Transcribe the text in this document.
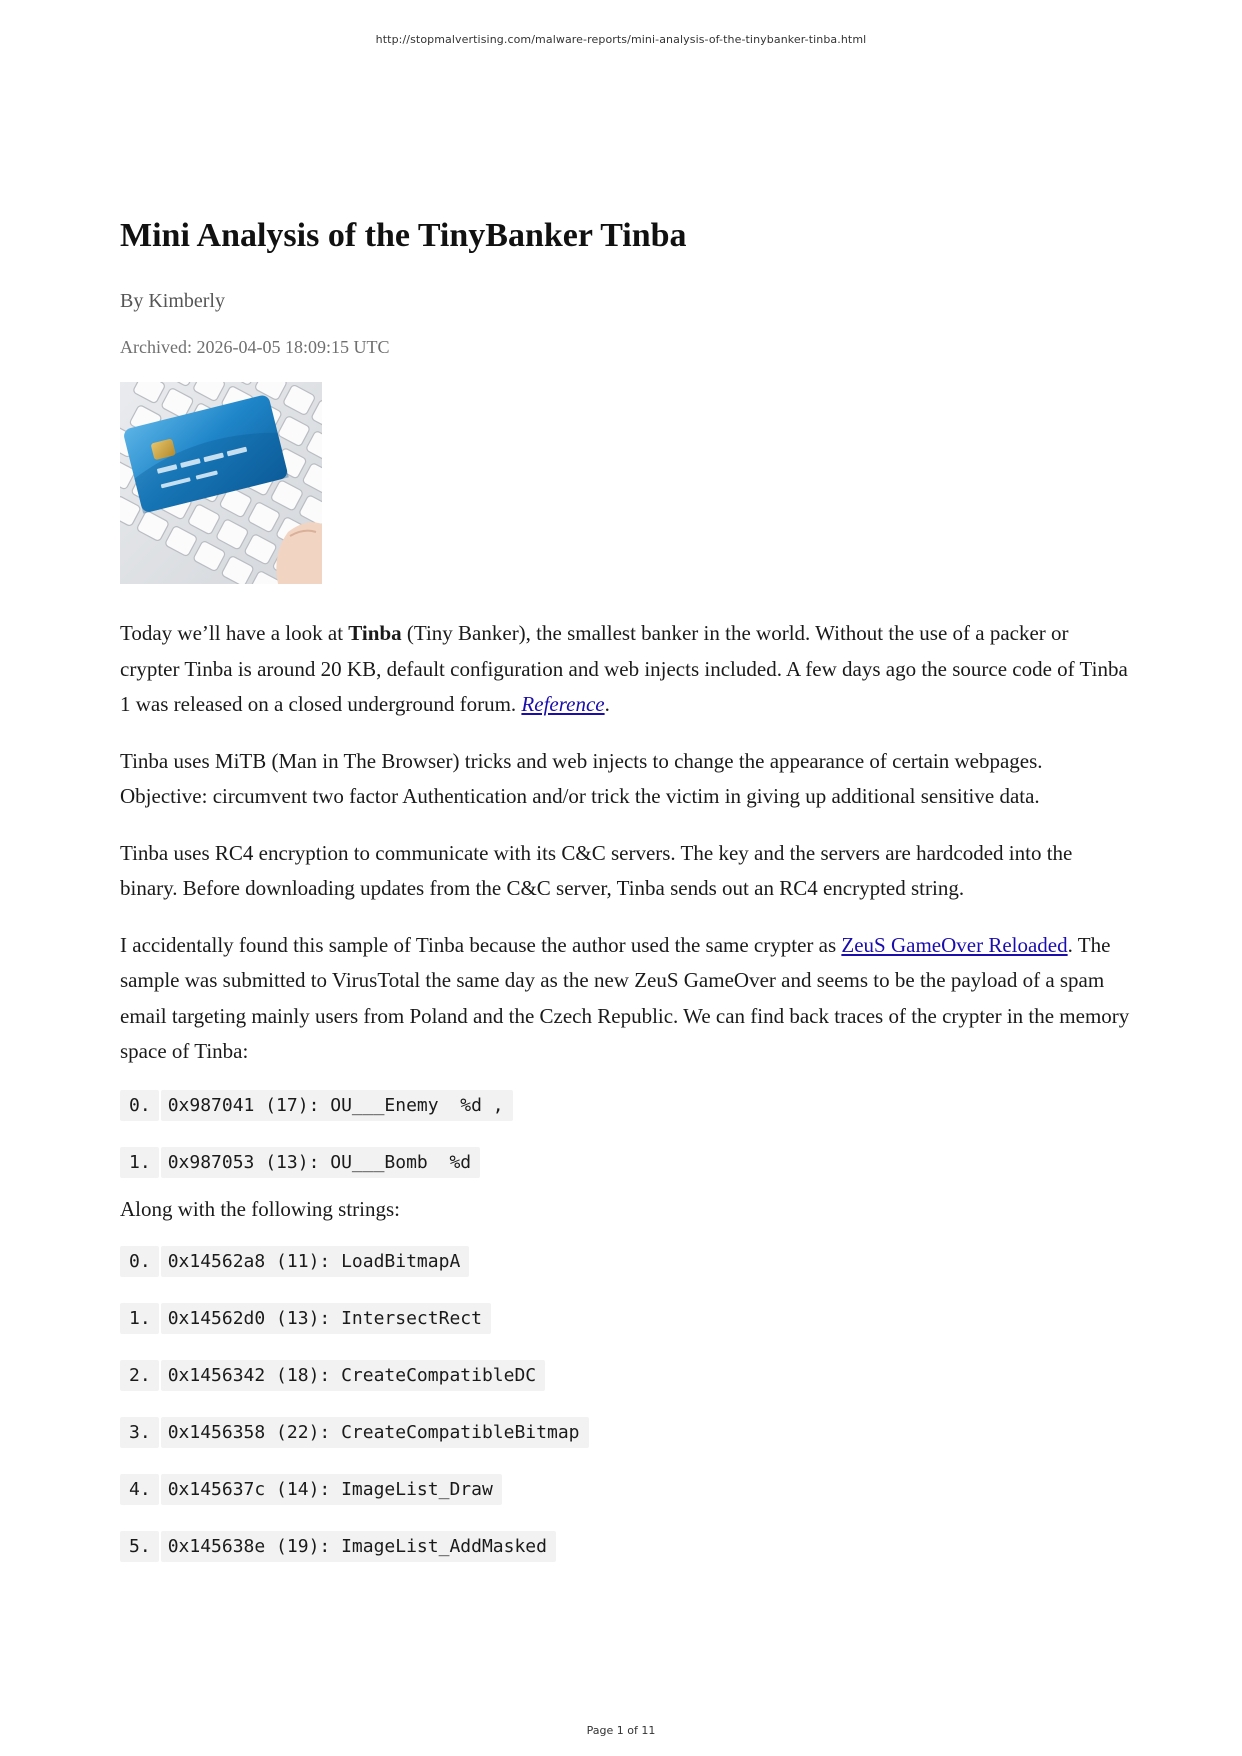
http://stopmalvertising.com/malware-reports/mini-analysis-of-the-tinybanker-tinba.html
Mini Analysis of the TinyBanker Tinba
By Kimberly
Archived: 2026-04-05 18:09:15 UTC

Today we’ll have a look at Tinba (Tiny Banker), the smallest banker in the world. Without the use of a packer or crypter Tinba is around 20 KB, default configuration and web injects included. A few days ago the source code of Tinba 1 was released on a closed underground forum. Reference.

Tinba uses MiTB (Man in The Browser) tricks and web injects to change the appearance of certain webpages. Objective: circumvent two factor Authentication and/or trick the victim in giving up additional sensitive data.

Tinba uses RC4 encryption to communicate with its C&C servers. The key and the servers are hardcoded into the binary. Before downloading updates from the C&C server, Tinba sends out an RC4 encrypted string.

I accidentally found this sample of Tinba because the author used the same crypter as ZeuS GameOver Reloaded. The sample was submitted to VirusTotal the same day as the new ZeuS GameOver and seems to be the payload of a spam email targeting mainly users from Poland and the Czech Republic. We can find back traces of the crypter in the memory space of Tinba:

0. 0x987041 (17): OU___Enemy  %d ,
1. 0x987053 (13): OU___Bomb  %d

Along with the following strings:

0. 0x14562a8 (11): LoadBitmapA
1. 0x14562d0 (13): IntersectRect
2. 0x1456342 (18): CreateCompatibleDC
3. 0x1456358 (22): CreateCompatibleBitmap
4. 0x145637c (14): ImageList_Draw
5. 0x145638e (19): ImageList_AddMasked
Page 1 of 11
